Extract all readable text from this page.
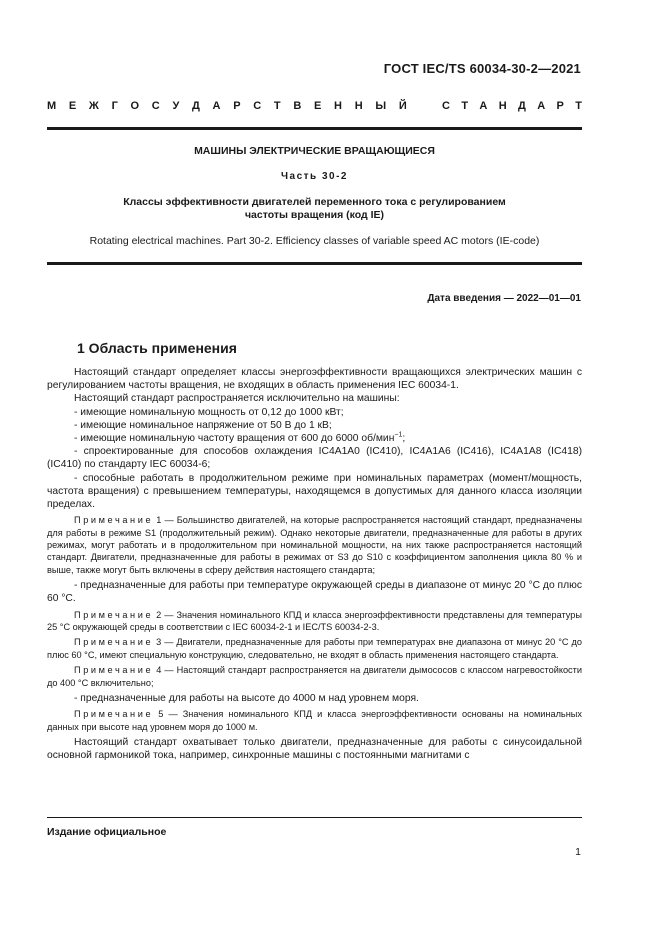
ГОСТ IEC/TS 60034-30-2—2021
М Е Ж Г О С У Д А Р С Т В Е Н Н Ы Й	С Т А Н Д А Р Т
МАШИНЫ ЭЛЕКТРИЧЕСКИЕ ВРАЩАЮЩИЕСЯ
Часть 30-2
Классы эффективности двигателей переменного тока с регулированием
частоты вращения (код IE)
Rotating electrical machines. Part 30-2. Efficiency classes of variable speed AC motors (IE-code)
Дата введения — 2022—01—01
1 Область применения

Настоящий стандарт определяет классы энергоэффективности вращающихся электрических машин с регулированием частоты вращения, не входящих в область применения IEC 60034-1.

Настоящий стандарт распространяется исключительно на машины:

- имеющие номинальную мощность от 0,12 до 1000 кВт;

- имеющие номинальное напряжение от 50 В до 1 кВ;

- имеющие номинальную частоту вращения от 600 до 6000 об/мин$^{-1}$;

- спроектированные для способов охлаждения IC4A1A0 (IC410), IC4A1A6 (IC416), IC4A1A8 (IC418) (IC410) по стандарту IEC 60034-6;

- способные работать в продолжительном режиме при номинальных параметрах (момент/мощность, частота вращения) с превышением температуры, находящемся в допустимых для данного класса изоляции пределах.

Примечание 1 — Большинство двигателей, на которые распространяется настоящий стандарт, предназначены для работы в режиме S1 (продолжительный режим). Однако некоторые двигатели, предназначенные для работы в других режимах, могут работать и в продолжительном при номинальной мощности, на них также распространяется настоящий стандарт. Двигатели, предназначенные для работы в режимах от S3 до S10 с коэффициентом заполнения цикла 80 % и выше, также могут быть включены в сферу действия настоящего стандарта;

- предназначенные для работы при температуре окружающей среды в диапазоне от минус 20 °С до плюс 60 °С.

Примечание 2 — Значения номинального КПД и класса энергоэффективности представлены для температуры 25 °С окружающей среды в соответствии с IEC 60034-2-1 и IEC/TS 60034-2-3.

Примечание 3 — Двигатели, предназначенные для работы при температурах вне диапазона от минус 20 °С до плюс 60 °С, имеют специальную конструкцию, следовательно, не входят в область применения настоящего стандарта.

Примечание 4 — Настоящий стандарт распространяется на двигатели дымососов с классом нагревостойкости до 400 °С включительно;

- предназначенные для работы на высоте до 4000 м над уровнем моря.

Примечание 5 — Значения номинального КПД и класса энергоэффективности основаны на номинальных данных при высоте над уровнем моря до 1000 м.

Настоящий стандарт охватывает только двигатели, предназначенные для работы с синусоидальной основной гармоникой тока, например, синхронные машины с постоянными магнитами с

Издание официальное
1
